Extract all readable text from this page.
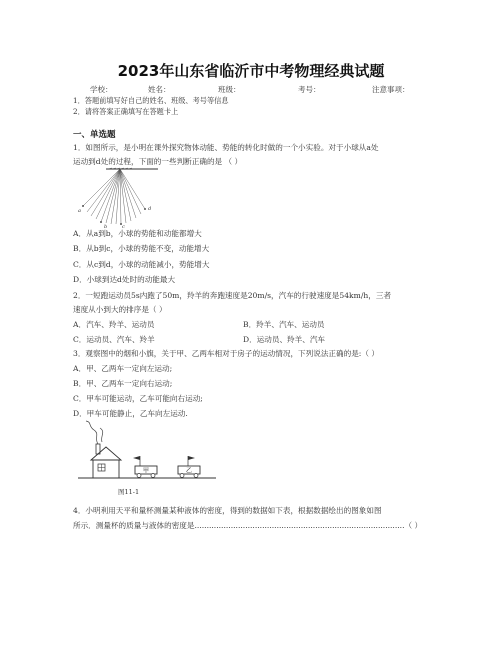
2023年山东省临沂市中考物理经典试题
学校：	姓名：	班级：	考号：	注意事项：
1．答题前填写好自己的姓名、班级、考号等信息
2．请将答案正确填写在答题卡上
一、单选题
1．如图所示，是小明在课外探究物体动能、势能的转化时做的一个小实验。对于小球从a处
运动到d处的过程，下面的一些判断正确的是 （ ）
a
b	c
d
A．从a到b，小球的势能和动能都增大
B．从b到c，小球的势能不变，动能增大
C．从c到d，小球的动能减小，势能增大
D．小球到达d处时的动能最大
2．一短跑运动员5s内跑了50m，羚羊的奔跑速度是20m/s，汽车的行驶速度是54km/h，三者
速度从小到大的排序是（ ）
A．汽车、羚羊、运动员	B．羚羊、汽车、运动员
C．运动员、汽车、羚羊	D．运动员、羚羊、汽车
3．观察图中的烟和小旗，关于甲、乙两车相对于房子的运动情况，下列说法正确的是:（ ）
A．甲、乙两车一定向左运动;
B．甲、乙两车一定向右运动;
C．甲车可能运动，乙车可能向右运动;
D．甲车可能静止，乙车向左运动.
甲	乙
图11-1
4．小明利用天平和量杯测量某种液体的密度，得到的数据如下表，根据数据绘出的图象如图
所示．测量杯的质量与液体的密度是.......................................................................................（ ）
